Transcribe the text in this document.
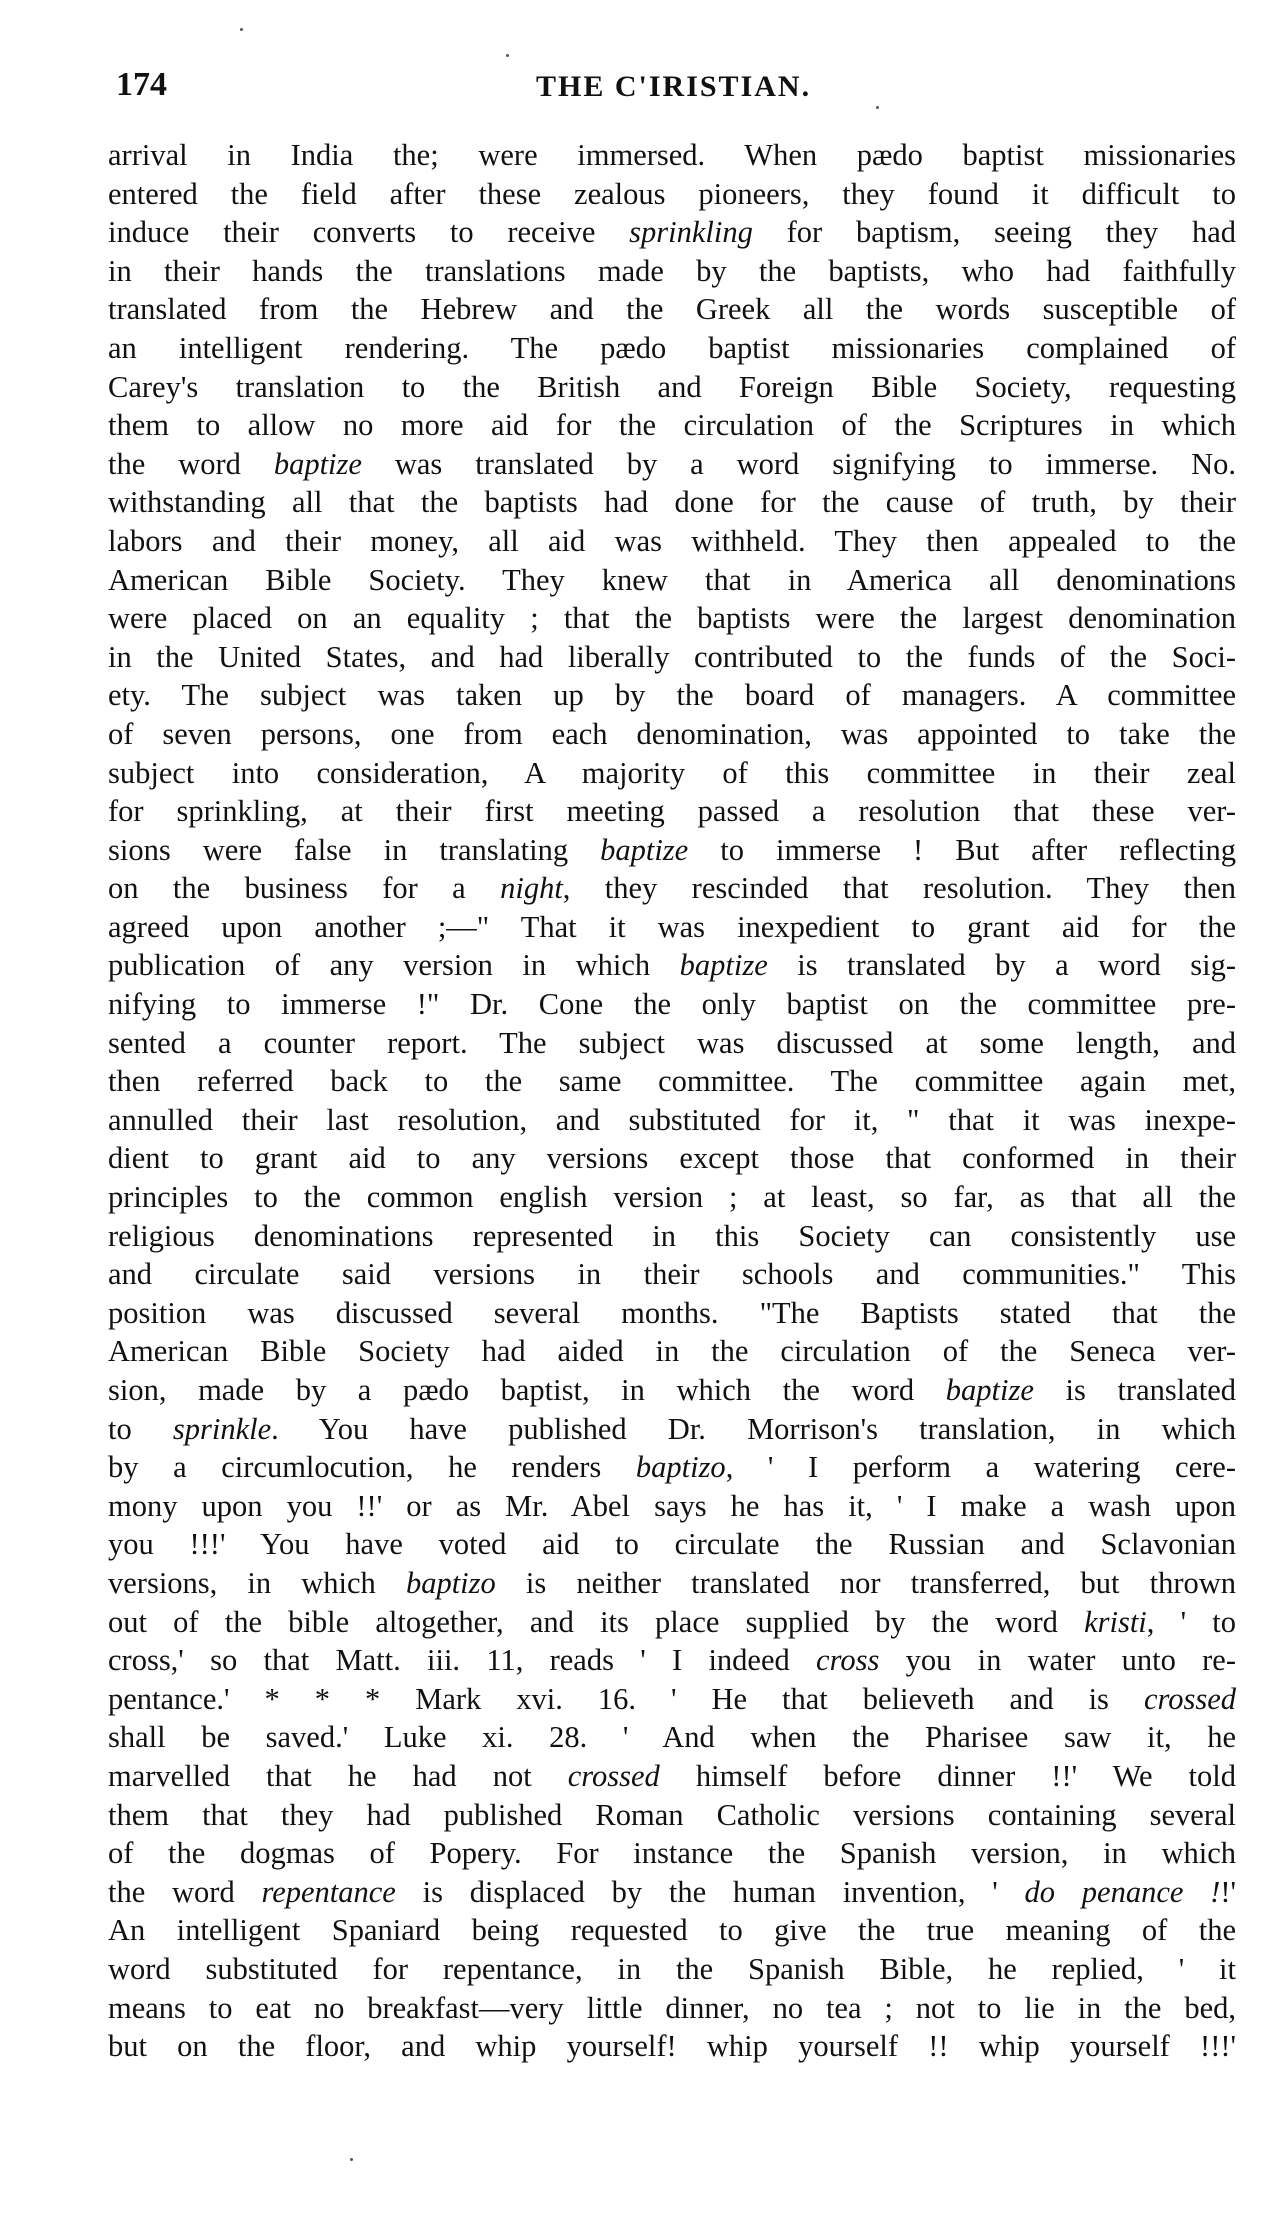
174	THE C'IRISTIAN.
arrival in India the; were immersed. When pædo baptist missionaries
entered the field after these zealous pioneers, they found it difficult to
induce their converts to receive sprinkling for baptism, seeing they had
in their hands the translations made by the baptists, who had faithfully
translated from the Hebrew and the Greek all the words susceptible of
an intelligent rendering. The pædo baptist missionaries complained of
Carey's translation to the British and Foreign Bible Society, requesting
them to allow no more aid for the circulation of the Scriptures in which
the word baptize was translated by a word signifying to immerse. No.
withstanding all that the baptists had done for the cause of truth, by their
labors and their money, all aid was withheld. They then appealed to the
American Bible Society. They knew that in America all denominations
were placed on an equality ; that the baptists were the largest denomination
in the United States, and had liberally contributed to the funds of the Soci-
ety. The subject was taken up by the board of managers. A committee
of seven persons, one from each denomination, was appointed to take the
subject into consideration, A majority of this committee in their zeal
for sprinkling, at their first meeting passed a resolution that these ver-
sions were false in translating baptize to immerse ! But after reflecting
on the business for a night, they rescinded that resolution. They then
agreed upon another ;—" That it was inexpedient to grant aid for the
publication of any version in which baptize is translated by a word sig-
nifying to immerse !" Dr. Cone the only baptist on the committee pre-
sented a counter report. The subject was discussed at some length, and
then referred back to the same committee. The committee again met,
annulled their last resolution, and substituted for it, " that it was inexpe-
dient to grant aid to any versions except those that conformed in their
principles to the common english version ; at least, so far, as that all the
religious denominations represented in this Society can consistently use
and circulate said versions in their schools and communities." This
position was discussed several months. "The Baptists stated that the
American Bible Society had aided in the circulation of the Seneca ver-
sion, made by a pædo baptist, in which the word baptize is translated
to sprinkle. You have published Dr. Morrison's translation, in which
by a circumlocution, he renders baptizo, ' I perform a watering cere-
mony upon you !!' or as Mr. Abel says he has it, ' I make a wash upon
you !!!' You have voted aid to circulate the Russian and Sclavonian
versions, in which baptizo is neither translated nor transferred, but thrown
out of the bible altogether, and its place supplied by the word kristi, ' to
cross,' so that Matt. iii. 11, reads ' I indeed cross you in water unto re-
pentance.' * * * Mark xvi. 16. ' He that believeth and is crossed
shall be saved.' Luke xi. 28. ' And when the Pharisee saw it, he
marvelled that he had not crossed himself before dinner !!' We told
them that they had published Roman Catholic versions containing several
of the dogmas of Popery. For instance the Spanish version, in which
the word repentance is displaced by the human invention, ' do penance !!'
An intelligent Spaniard being requested to give the true meaning of the
word substituted for repentance, in the Spanish Bible, he replied, ' it
means to eat no breakfast—very little dinner, no tea ; not to lie in the bed,
but on the floor, and whip yourself! whip yourself !! whip yourself !!!'
